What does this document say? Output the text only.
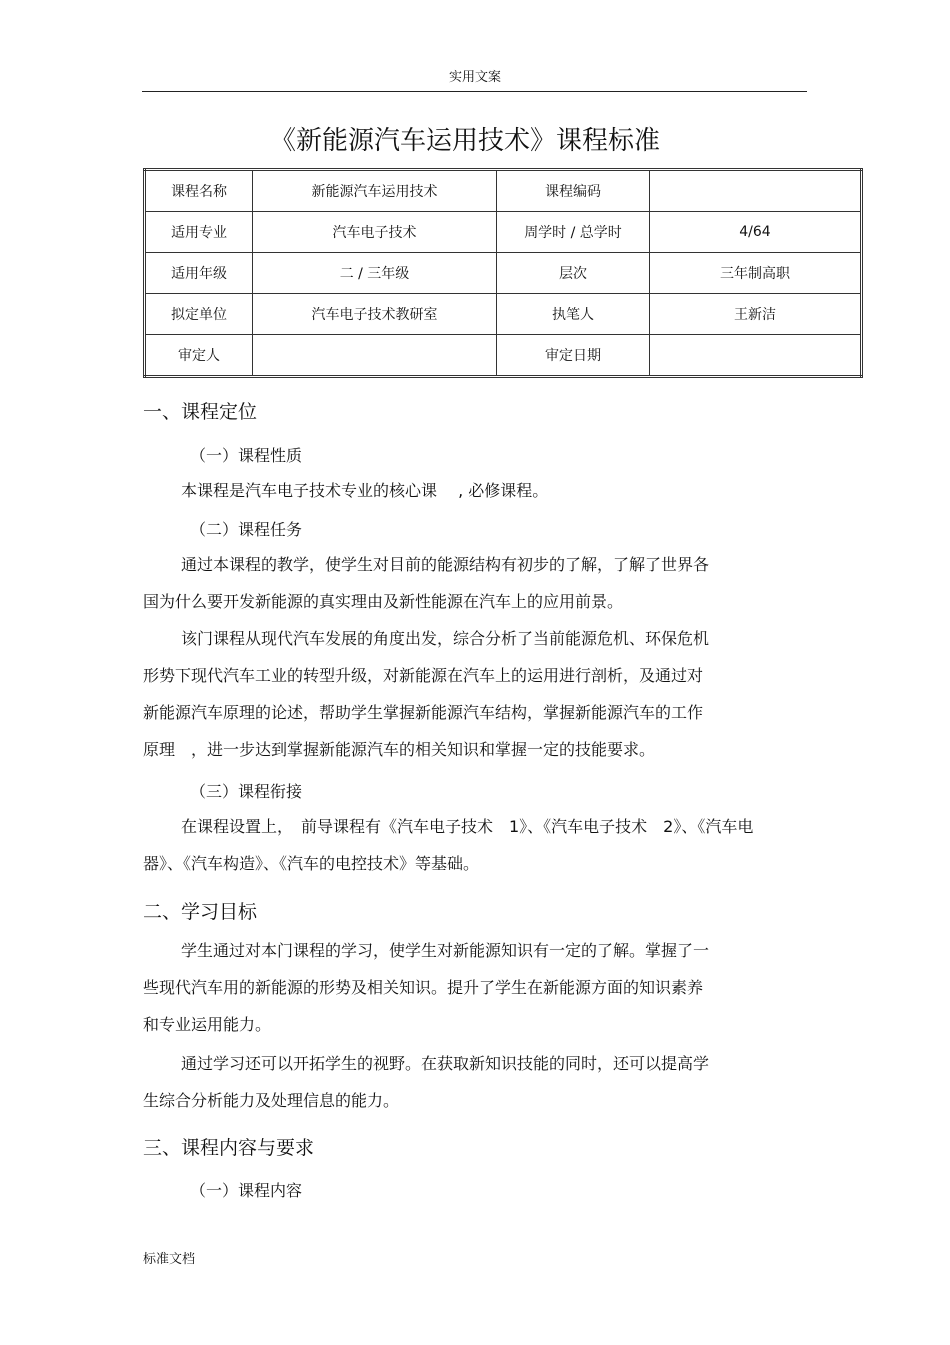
实用文案
《新能源汽车运用技术》课程标准
课程名称	新能源汽车运用技术	课程编码	
适用专业	汽车电子技术	周学时 / 总学时	4/64
适用年级	二 / 三年级	层次	三年制高职
拟定单位	汽车电子技术教研室	执笔人	王新洁
审定人		审定日期	
一、课程定位
（一）课程性质
本课程是汽车电子技术专业的核心课　 , 必修课程。
（二）课程任务
通过本课程的教学，使学生对目前的能源结构有初步的了解，了解了世界各
国为什么要开发新能源的真实理由及新性能源在汽车上的应用前景。
该门课程从现代汽车发展的角度出发，综合分析了当前能源危机、环保危机
形势下现代汽车工业的转型升级，对新能源在汽车上的运用进行剖析，及通过对
新能源汽车原理的论述，帮助学生掌握新能源汽车结构，掌握新能源汽车的工作
原理　，进一步达到掌握新能源汽车的相关知识和掌握一定的技能要求。
（三）课程衔接
在课程设置上，　前导课程有《汽车电子技术　1》、《汽车电子技术　2》、《汽车电
器》、《汽车构造》、《汽车的电控技术》等基础。
二、学习目标
学生通过对本门课程的学习，使学生对新能源知识有一定的了解。掌握了一
些现代汽车用的新能源的形势及相关知识。提升了学生在新能源方面的知识素养
和专业运用能力。
通过学习还可以开拓学生的视野。在获取新知识技能的同时，还可以提高学
生综合分析能力及处理信息的能力。
三、课程内容与要求
（一）课程内容
标准文档
